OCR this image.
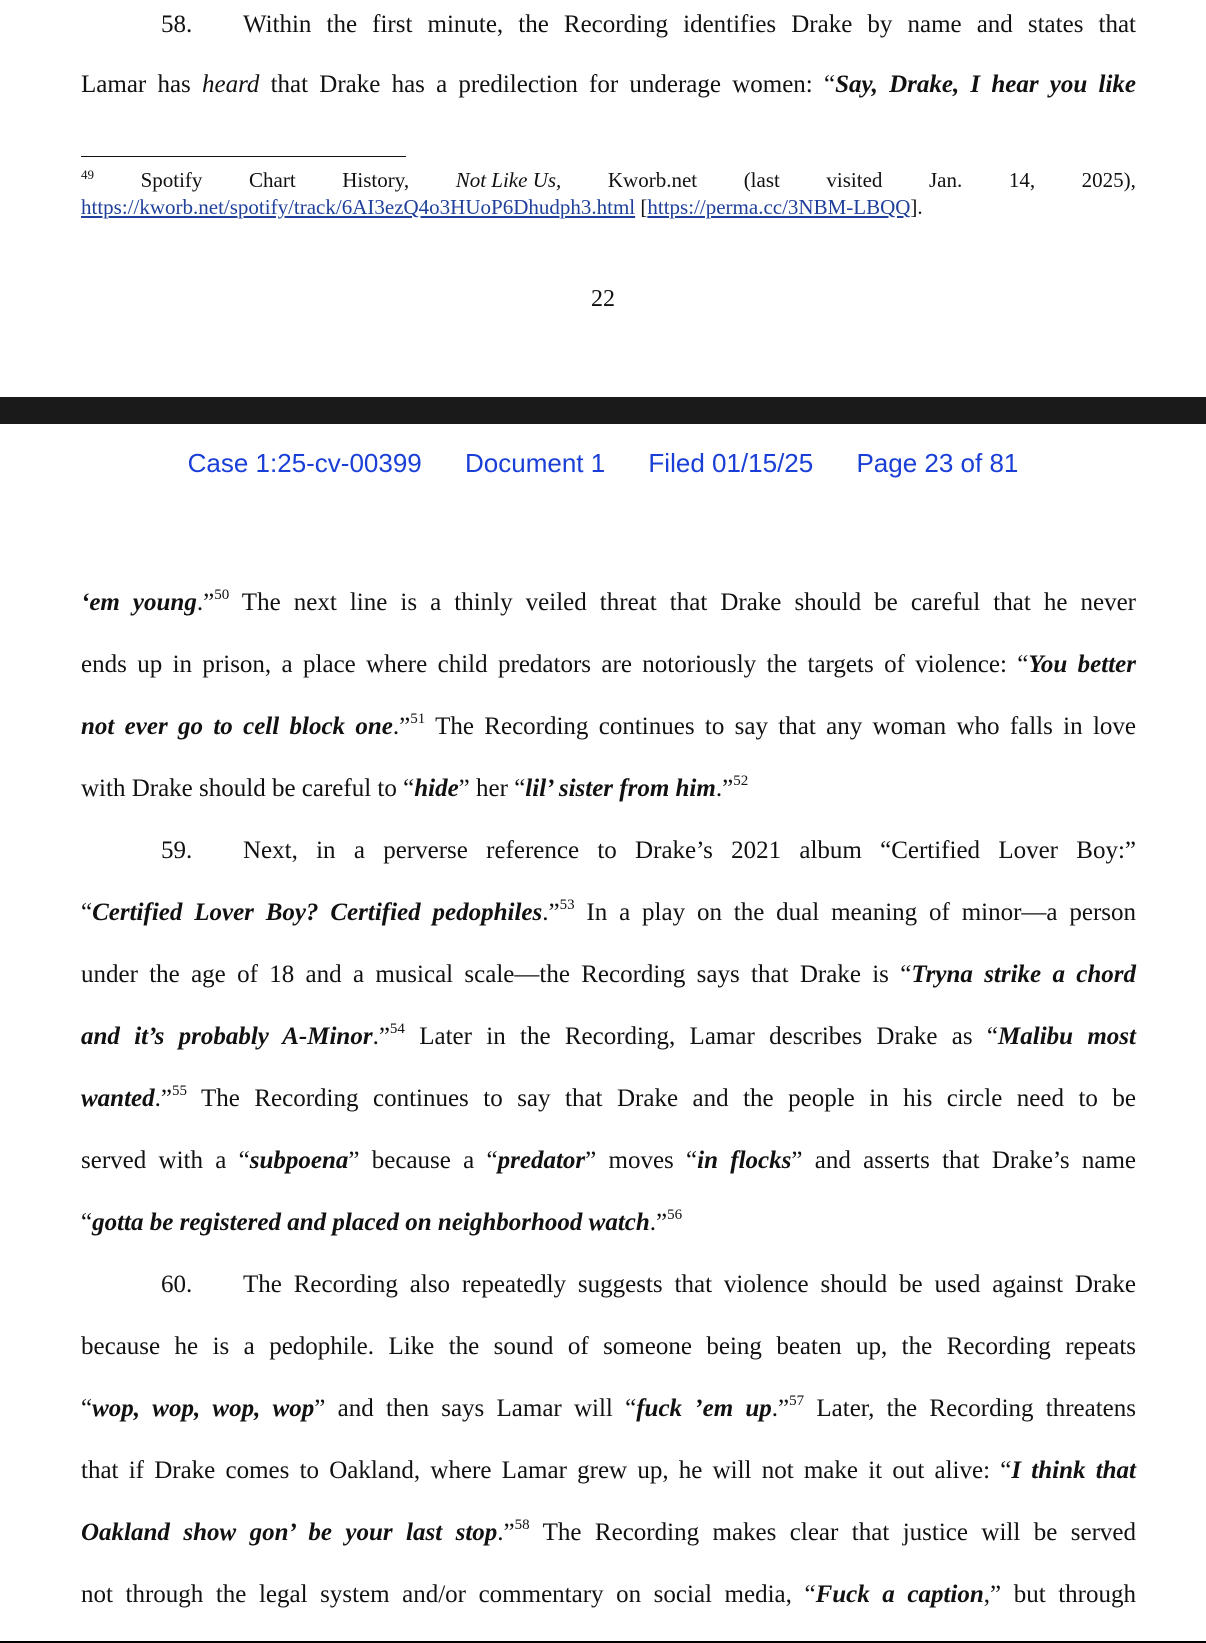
58. Within the first minute, the Recording identifies Drake by name and states that
Lamar has heard that Drake has a predilection for underage women: “Say, Drake, I hear you like
$^{49}$ Spotify Chart History, Not Like Us, Kworb.net (last visited Jan. 14, 2025),
https://kworb.net/spotify/track/6AI3ezQ4o3HUoP6Dhudph3.html [https://perma.cc/3NBM-LBQQ].
22
Case 1:25-cv-00399 Document 1 Filed 01/15/25 Page 23 of 81
‘em young.”$^{50}$ The next line is a thinly veiled threat that Drake should be careful that he never
ends up in prison, a place where child predators are notoriously the targets of violence: “You better
not ever go to cell block one.”$^{51}$ The Recording continues to say that any woman who falls in love
with Drake should be careful to “hide” her “lil’ sister from him.”$^{52}$
59. Next, in a perverse reference to Drake’s 2021 album “Certified Lover Boy:”
“Certified Lover Boy? Certified pedophiles.”$^{53}$ In a play on the dual meaning of minor—a person
under the age of 18 and a musical scale—the Recording says that Drake is “Tryna strike a chord
and it’s probably A-Minor.”$^{54}$ Later in the Recording, Lamar describes Drake as “Malibu most
wanted.”$^{55}$ The Recording continues to say that Drake and the people in his circle need to be
served with a “subpoena” because a “predator” moves “in flocks” and asserts that Drake’s name
“gotta be registered and placed on neighborhood watch.”$^{56}$
60. The Recording also repeatedly suggests that violence should be used against Drake
because he is a pedophile. Like the sound of someone being beaten up, the Recording repeats
“wop, wop, wop, wop” and then says Lamar will “fuck ’em up.”$^{57}$ Later, the Recording threatens
that if Drake comes to Oakland, where Lamar grew up, he will not make it out alive: “I think that
Oakland show gon’ be your last stop.”$^{58}$ The Recording makes clear that justice will be served
not through the legal system and/or commentary on social media, “Fuck a caption,” but through
